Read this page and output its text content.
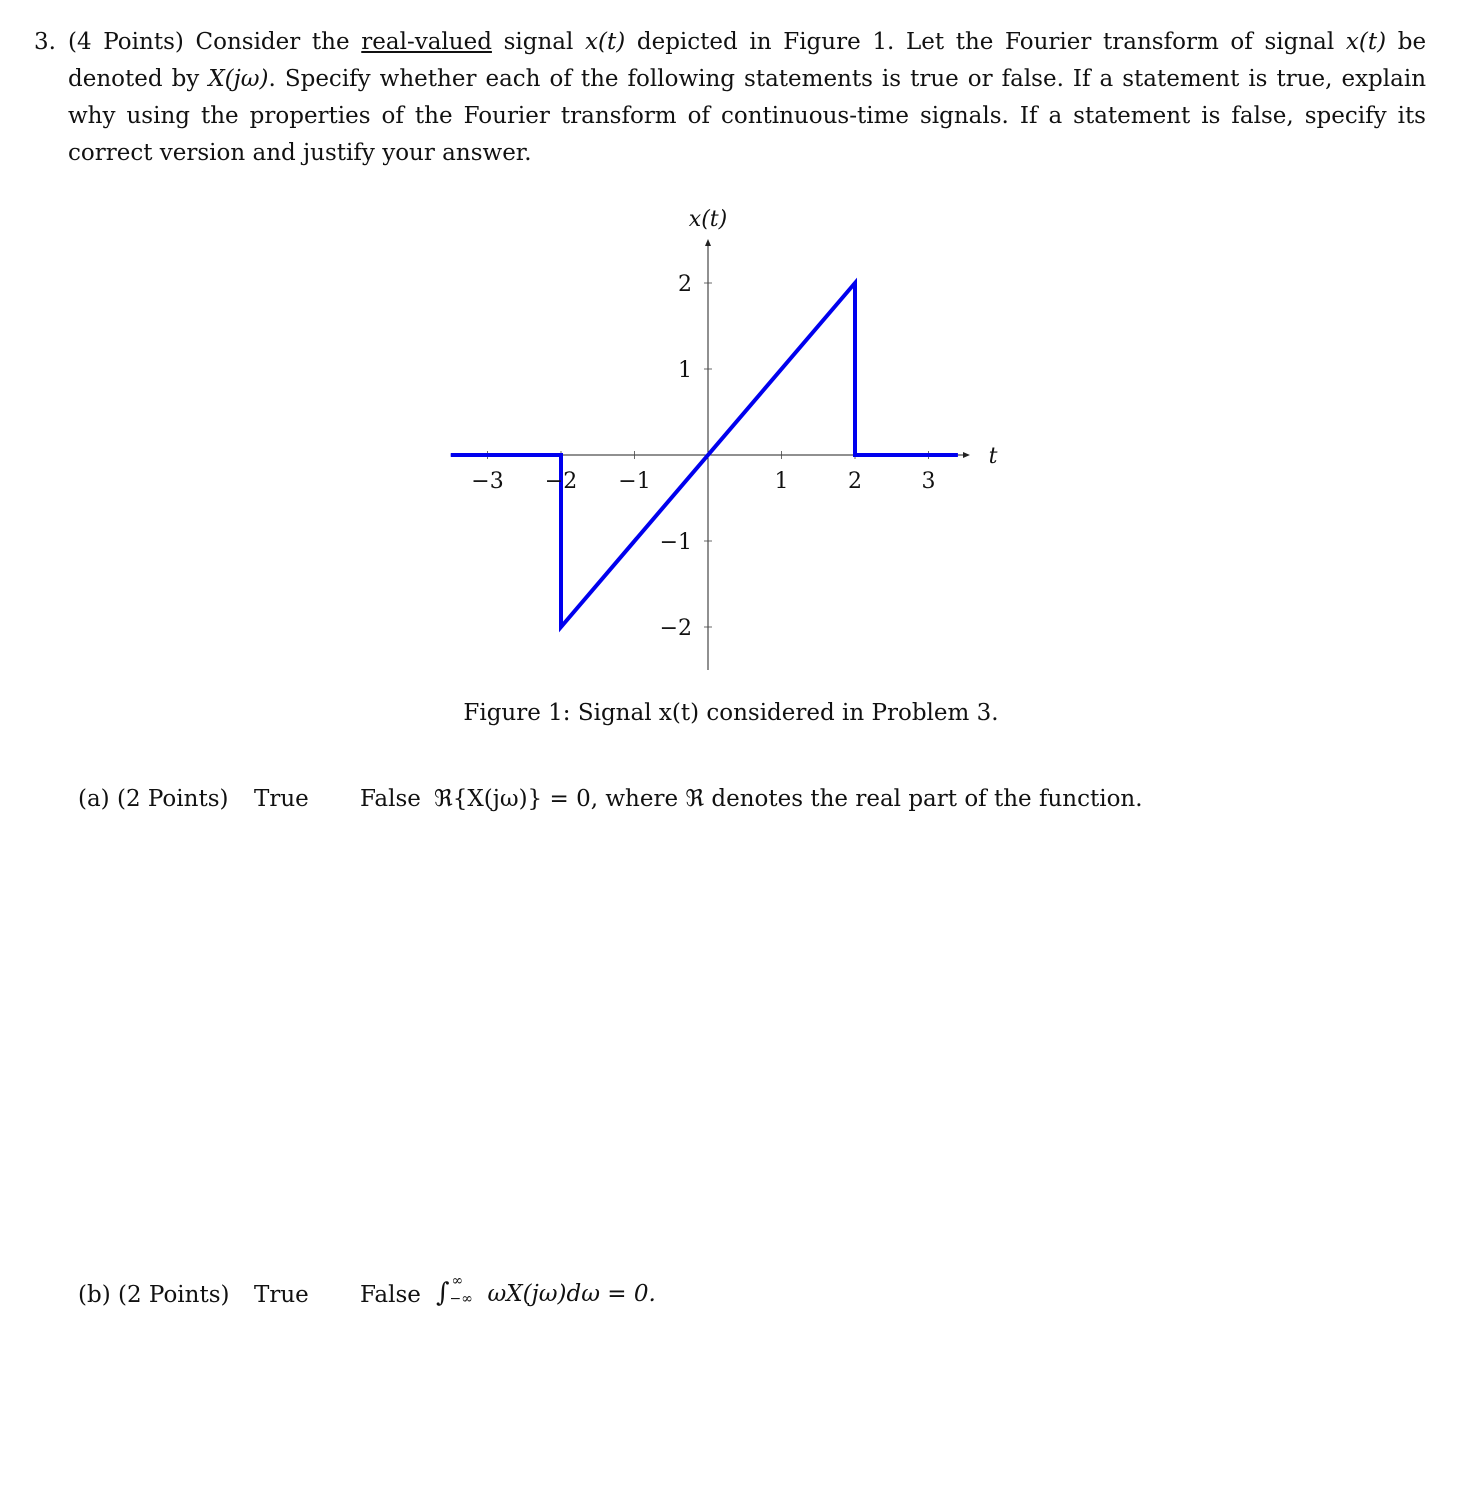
3. (4 Points) Consider the real-valued signal x(t) depicted in Figure 1. Let the Fourier transform of signal x(t) be denoted by X(jω). Specify whether each of the following statements is true or false. If a statement is true, explain why using the properties of the Fourier transform of continuous-time signals. If a statement is false, specify its correct version and justify your answer.
−3 −2 −1	1	2	3
2
1
−1
−2
t
x(t)
Figure 1: Signal x(t) considered in Problem 3.
(a) (2 Points) True False ℜ{X(jω)} = 0, where ℜ denotes the real part of the function.
(b) (2 Points) True False ∫ ∞
−∞ ωX(jω)dω = 0.
